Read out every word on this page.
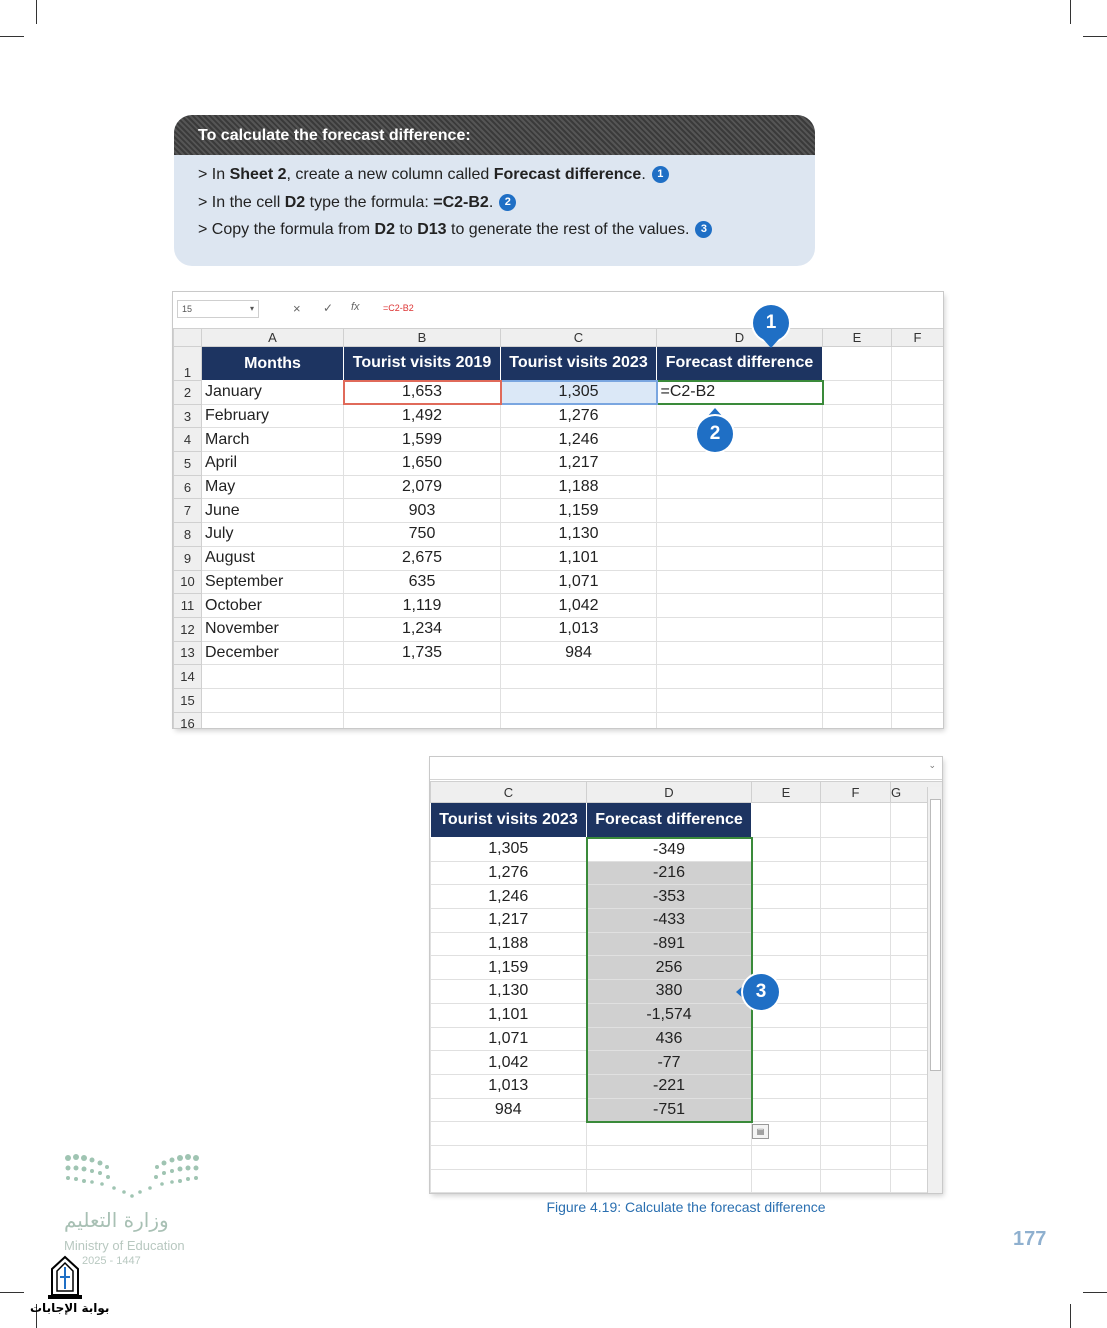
To calculate the forecast difference:
> In Sheet 2, create a new column called Forecast difference. 1
> In the cell D2 type the formula: =C2-B2. 2
> Copy the formula from D2 to D13 to generate the rest of the values. 3
15	▾	× ✓ fx	=C2-B2
	A	B	C	D	E	F
1	Months	Tourist visits 2019	Tourist visits 2023	Forecast difference		
2	January	1,653	1,305	=C2-B2		
3	February	1,492	1,276			
4	March	1,599	1,246			
5	April	1,650	1,217			
6	May	2,079	1,188			
7	June	903	1,159			
8	July	750	1,130			
9	August	2,675	1,101			
10	September	635	1,071			
11	October	1,119	1,042			
12	November	1,234	1,013			
13	December	1,735	984			
14						
15						
16						
1
2
⌄
C	D	E	F	G
Tourist visits 2023	Forecast difference			
1,305	-349			
1,276	-216			
1,246	-353			
1,217	-433			
1,188	-891			
1,159	256			
1,130	380			
1,101	-1,574			
1,071	436			
1,042	-77			
1,013	-221			
984	-751			

▤
3
Figure 4.19: Calculate the forecast difference
177
وزارة التعليم
Ministry of Education
2025 - 1447
بوابة الإجابات
